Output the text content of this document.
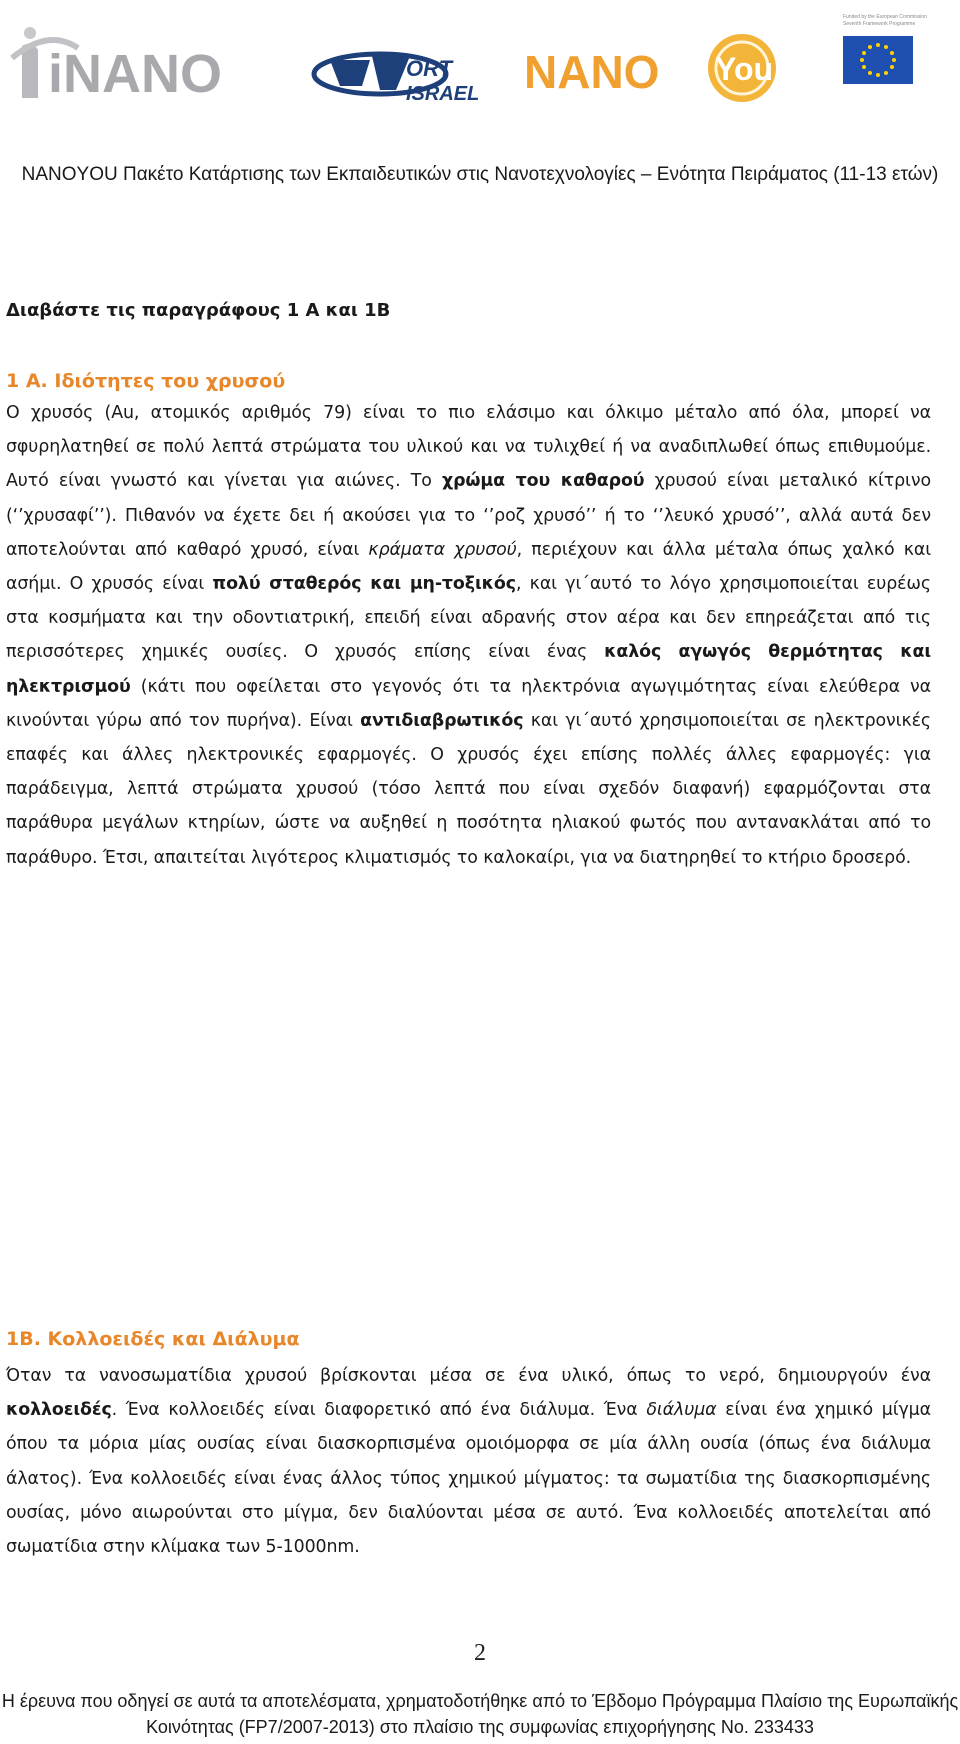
iNANO	ORT
ISRAEL NANO You
Funded by the European Commission Seventh Framework Programme
NANOYOU Πακέτο Κατάρτισης των Εκπαιδευτικών στις Νανοτεχνολογίες – Ενότητα Πειράματος (11-13 ετών)

Διαβάστε τις παραγράφους 1 A και 1B

1 Α. Ιδιότητες του χρυσού

Ο χρυσός (Au, ατομικός αριθμός 79) είναι το πιο ελάσιμο και όλκιμο μέταλο από όλα, μπορεί να σφυρηλατηθεί σε πολύ λεπτά στρώματα του υλικού και να τυλιχθεί ή να αναδιπλωθεί όπως επιθυμούμε. Αυτό είναι γνωστό και γίνεται για αιώνες. Το χρώμα του καθαρού χρυσού είναι μεταλικό κίτρινο (‘’χρυσαφί’’). Πιθανόν να έχετε δει ή ακούσει για το ‘’ροζ χρυσό’’ ή το ‘’λευκό χρυσό’’, αλλά αυτά δεν αποτελούνται από καθαρό χρυσό, είναι κράματα χρυσού, περιέχουν και άλλα μέταλα όπως χαλκό και ασήμι. Ο χρυσός είναι πολύ σταθερός και μη-τοξικός, και γι΄αυτό το λόγο χρησιμοποιείται ευρέως στα κοσμήματα και την οδοντιατρική, επειδή είναι αδρανής στον αέρα και δεν επηρεάζεται από τις περισσότερες χημικές ουσίες. Ο χρυσός επίσης είναι ένας καλός αγωγός θερμότητας και ηλεκτρισμού (κάτι που οφείλεται στο γεγονός ότι τα ηλεκτρόνια αγωγιμότητας είναι ελεύθερα να κινούνται γύρω από τον πυρήνα). Είναι αντιδιαβρωτικός και γι΄αυτό χρησιμοποιείται σε ηλεκτρονικές επαφές και άλλες ηλεκτρονικές εφαρμογές. Ο χρυσός έχει επίσης πολλές άλλες εφαρμογές: για παράδειγμα, λεπτά στρώματα χρυσού (τόσο λεπτά που είναι σχεδόν διαφανή) εφαρμόζονται στα παράθυρα μεγάλων κτηρίων, ώστε να αυξηθεί η ποσότητα ηλιακού φωτός που αντανακλάται από το παράθυρο. Έτσι, απαιτείται λιγότερος κλιματισμός το καλοκαίρι, για να διατηρηθεί το κτήριο δροσερό.

1Β. Κολλοειδές και Διάλυμα

Όταν τα νανοσωματίδια χρυσού βρίσκονται μέσα σε ένα υλικό, όπως το νερό, δημιουργούν ένα κολλοειδές. Ένα κολλοειδές είναι διαφορετικό από ένα διάλυμα. Ένα διάλυμα είναι ένα χημικό μίγμα όπου τα μόρια μίας ουσίας είναι διασκορπισμένα ομοιόμορφα σε μία άλλη ουσία (όπως ένα διάλυμα άλατος). Ένα κολλοειδές είναι ένας άλλος τύπος χημικού μίγματος: τα σωματίδια της διασκορπισμένης ουσίας, μόνο αιωρούνται στο μίγμα, δεν διαλύονται μέσα σε αυτό. Ένα κολλοειδές αποτελείται από σωματίδια στην κλίμακα των 5-1000nm.

2
Η έρευνα που οδηγεί σε αυτά τα αποτελέσματα, χρηματοδοτήθηκε από το Έβδομο Πρόγραμμα Πλαίσιο της Ευρωπαϊκής Κοινότητας (FP7/2007-2013) στο πλαίσιο της συμφωνίας επιχορήγησης No. 233433
